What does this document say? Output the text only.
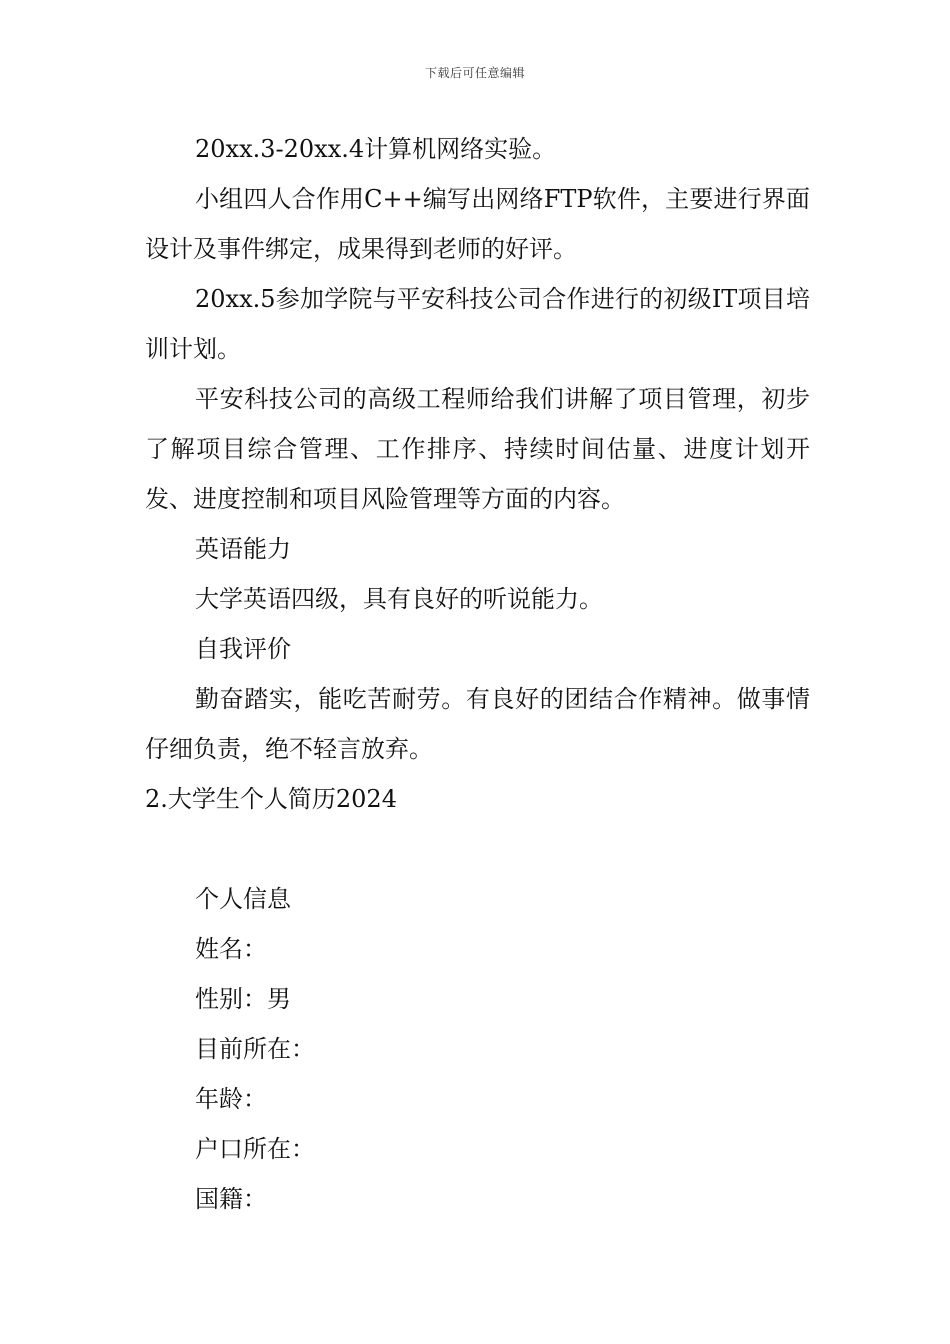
下载后可任意编辑

20xx.3-20xx.4计算机网络实验。

小组四人合作用C++编写出网络FTP软件，主要进行界面设计及事件绑定，成果得到老师的好评。

20xx.5参加学院与平安科技公司合作进行的初级IT项目培训计划。

平安科技公司的高级工程师给我们讲解了项目管理，初步了解项目综合管理、工作排序、持续时间估量、进度计划开发、进度控制和项目风险管理等方面的内容。

英语能力

大学英语四级，具有良好的听说能力。

自我评价

勤奋踏实，能吃苦耐劳。有良好的团结合作精神。做事情仔细负责，绝不轻言放弃。

2.大学生个人简历2024

个人信息

姓名：

性别：男

目前所在：

年龄：

户口所在：

国籍：
